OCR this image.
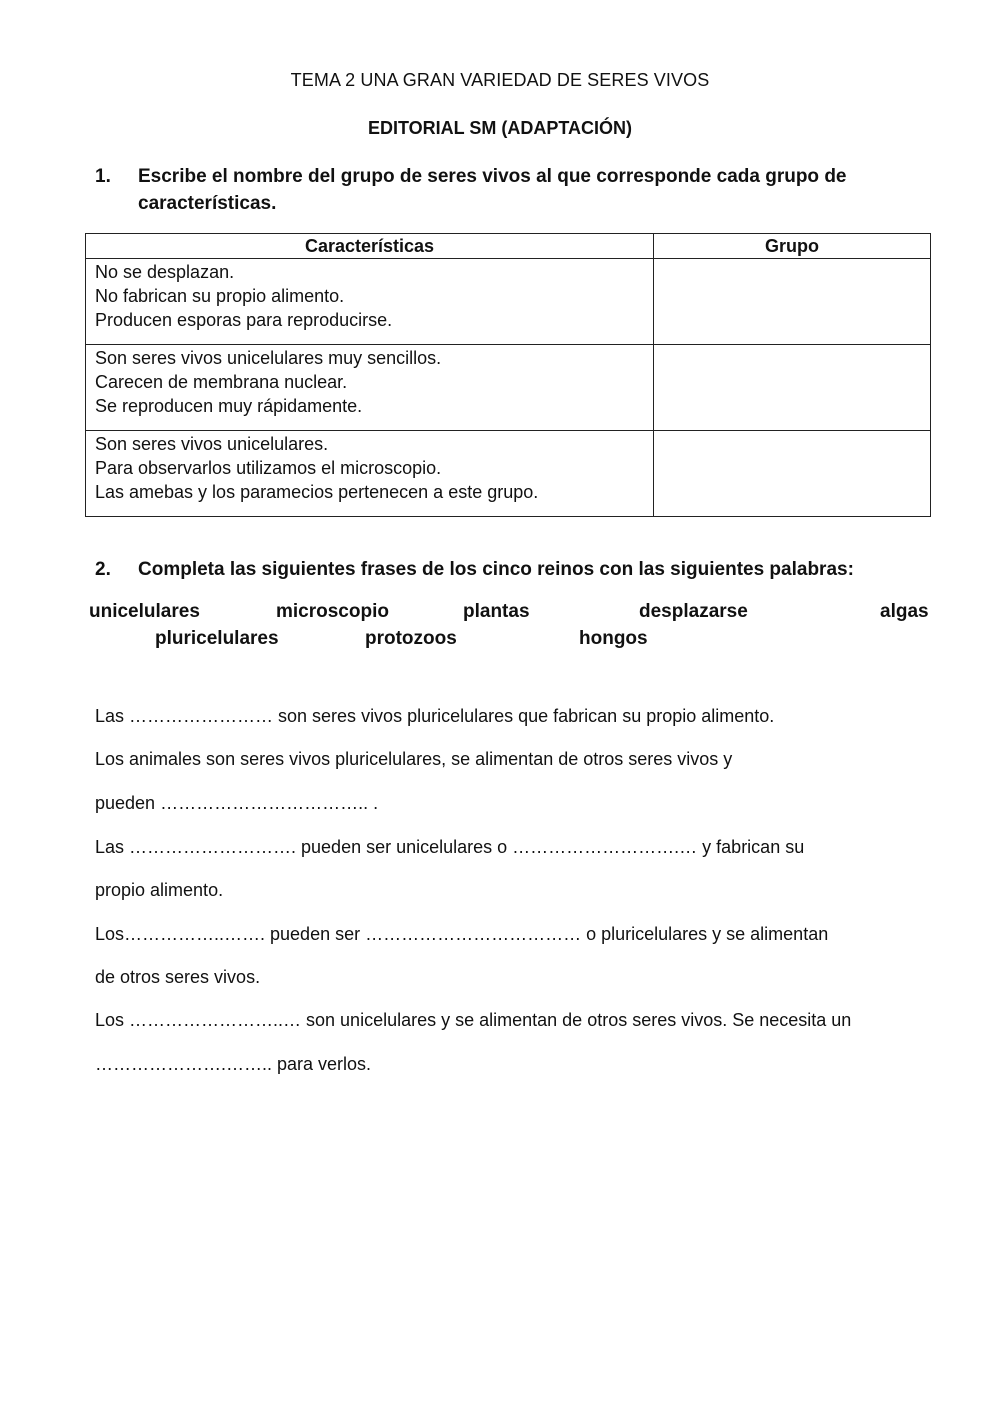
TEMA 2 UNA GRAN VARIEDAD DE SERES VIVOS
EDITORIAL SM (ADAPTACIÓN)
1.	Escribe el nombre del grupo de seres vivos al que corresponde cada grupo de características.
Características	Grupo

No se desplazan.
No fabrican su propio alimento.
Producen esporas para reproducirse.	

Son seres vivos unicelulares muy sencillos.
Carecen de membrana nuclear.
Se reproducen muy rápidamente.	

Son seres vivos unicelulares.
Para observarlos utilizamos el microscopio.
Las amebas y los paramecios pertenecen a este grupo.	

2.	Completa las siguientes frases de los cinco reinos con las siguientes palabras:
unicelulares	microscopio	plantas	desplazarse	algas
pluricelulares	protozoos	hongos
Las …………………… son seres vivos pluricelulares que fabrican su propio alimento.
Los animales son seres vivos pluricelulares, se alimentan de otros seres vivos y
pueden …………………………….. .
Las ………………………. pueden ser unicelulares o ……………………….… y fabrican su
propio alimento.
Los……………..……. pueden ser ……………………………… o pluricelulares y se alimentan
de otros seres vivos.
Los ……………………..… son unicelulares y se alimentan de otros seres vivos. Se necesita un
………………….…….. para verlos.
